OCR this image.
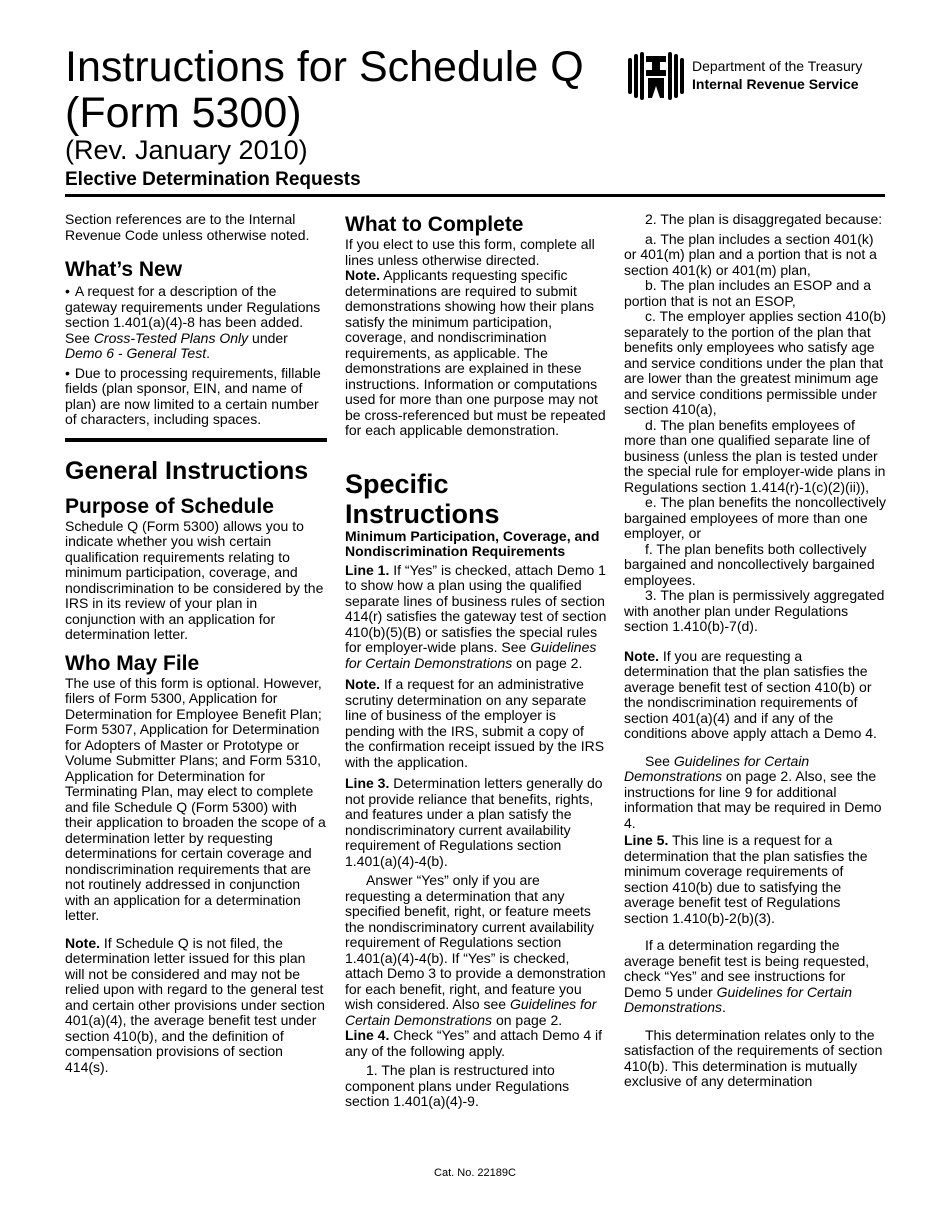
Instructions for Schedule Q
(Form 5300)
(Rev. January 2010)
Elective Determination Requests
Department of the Treasury
Internal Revenue Service

Section references are to the Internal Revenue Code unless otherwise noted.

What’s New

• A request for a description of the gateway requirements under Regulations section 1.401(a)(4)-8 has been added. See Cross-Tested Plans Only under Demo 6 - General Test.

• Due to processing requirements, fillable fields (plan sponsor, EIN, and name of plan) are now limited to a certain number of characters, including spaces.

General Instructions
Purpose of Schedule

Schedule Q (Form 5300) allows you to indicate whether you wish certain qualification requirements relating to minimum participation, coverage, and nondiscrimination to be considered by the IRS in its review of your plan in conjunction with an application for determination letter.

Who May File

The use of this form is optional. However, filers of Form 5300, Application for Determination for Employee Benefit Plan; Form 5307, Application for Determination for Adopters of Master or Prototype or Volume Submitter Plans; and Form 5310, Application for Determination for Terminating Plan, may elect to complete and file Schedule Q (Form 5300) with their application to broaden the scope of a determination letter by requesting determinations for certain coverage and nondiscrimination requirements that are not routinely addressed in conjunction with an application for a determination letter.

Note. If Schedule Q is not filed, the determination letter issued for this plan will not be considered and may not be relied upon with regard to the general test and certain other provisions under section 401(a)(4), the average benefit test under section 410(b), and the definition of compensation provisions of section 414(s).

What to Complete

If you elect to use this form, complete all lines unless otherwise directed.

Note. Applicants requesting specific determinations are required to submit demonstrations showing how their plans satisfy the minimum participation, coverage, and nondiscrimination requirements, as applicable. The demonstrations are explained in these instructions. Information or computations used for more than one purpose may not be cross-referenced but must be repeated for each applicable demonstration.

Specific Instructions

Minimum Participation, Coverage, and Nondiscrimination Requirements

Line 1. If “Yes” is checked, attach Demo 1 to show how a plan using the qualified separate lines of business rules of section 414(r) satisfies the gateway test of section 410(b)(5)(B) or satisfies the special rules for employer-wide plans. See Guidelines for Certain Demonstrations on page 2.

Note. If a request for an administrative scrutiny determination on any separate line of business of the employer is pending with the IRS, submit a copy of the confirmation receipt issued by the IRS with the application.

Line 3. Determination letters generally do not provide reliance that benefits, rights, and features under a plan satisfy the nondiscriminatory current availability requirement of Regulations section 1.401(a)(4)-4(b).

Answer “Yes” only if you are requesting a determination that any specified benefit, right, or feature meets the nondiscriminatory current availability requirement of Regulations section 1.401(a)(4)-4(b). If “Yes” is checked, attach Demo 3 to provide a demonstration for each benefit, right, and feature you wish considered. Also see Guidelines for Certain Demonstrations on page 2.

Line 4. Check “Yes” and attach Demo 4 if any of the following apply.

1. The plan is restructured into component plans under Regulations section 1.401(a)(4)-9.

2. The plan is disaggregated because:

a. The plan includes a section 401(k) or 401(m) plan and a portion that is not a section 401(k) or 401(m) plan,

b. The plan includes an ESOP and a portion that is not an ESOP,

c. The employer applies section 410(b) separately to the portion of the plan that benefits only employees who satisfy age and service conditions under the plan that are lower than the greatest minimum age and service conditions permissible under section 410(a),

d. The plan benefits employees of more than one qualified separate line of business (unless the plan is tested under the special rule for employer-wide plans in Regulations section 1.414(r)-1(c)(2)(ii)),

e. The plan benefits the noncollectively bargained employees of more than one employer, or

f. The plan benefits both collectively bargained and noncollectively bargained employees.

3. The plan is permissively aggregated with another plan under Regulations section 1.410(b)-7(d).

Note. If you are requesting a determination that the plan satisfies the average benefit test of section 410(b) or the nondiscrimination requirements of section 401(a)(4) and if any of the conditions above apply attach a Demo 4.

See Guidelines for Certain Demonstrations on page 2. Also, see the instructions for line 9 for additional information that may be required in Demo 4.

Line 5. This line is a request for a determination that the plan satisfies the minimum coverage requirements of section 410(b) due to satisfying the average benefit test of Regulations section 1.410(b)-2(b)(3).

If a determination regarding the average benefit test is being requested, check “Yes” and see instructions for Demo 5 under Guidelines for Certain Demonstrations.

This determination relates only to the satisfaction of the requirements of section 410(b). This determination is mutually exclusive of any determination

Cat. No. 22189C
